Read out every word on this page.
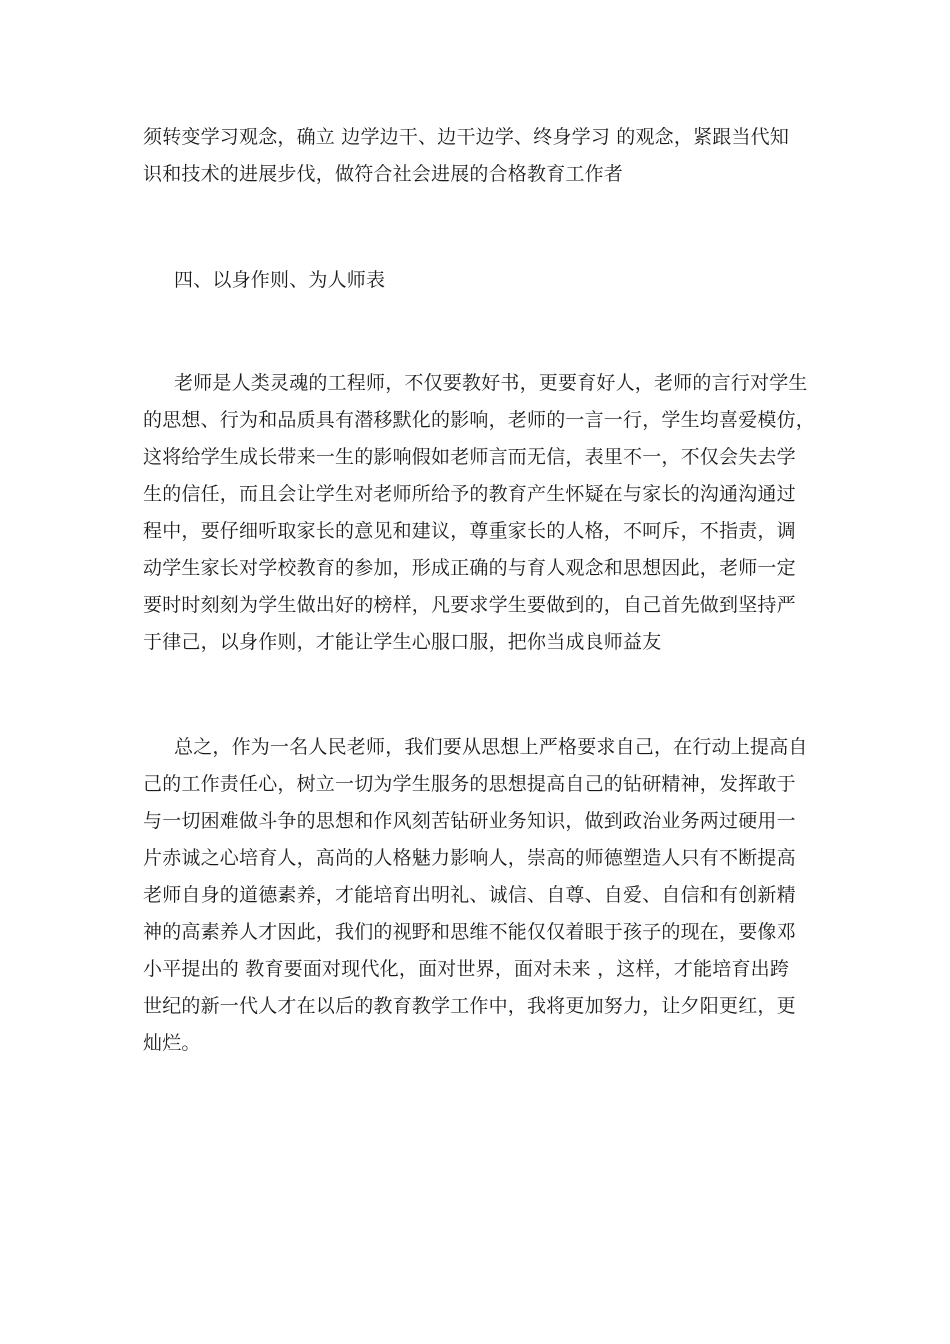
须转变学习观念，确立 边学边干、边干边学、终身学习 的观念，紧跟当代知
识和技术的进展步伐，做符合社会进展的合格教育工作者
四、以身作则、为人师表
老师是人类灵魂的工程师，不仅要教好书，更要育好人，老师的言行对学生
的思想、行为和品质具有潜移默化的影响，老师的一言一行，学生均喜爱模仿，
这将给学生成长带来一生的影响假如老师言而无信，表里不一，不仅会失去学
生的信任，而且会让学生对老师所给予的教育产生怀疑在与家长的沟通沟通过
程中，要仔细听取家长的意见和建议，尊重家长的人格，不呵斥，不指责，调
动学生家长对学校教育的参加，形成正确的与育人观念和思想因此，老师一定
要时时刻刻为学生做出好的榜样，凡要求学生要做到的，自己首先做到坚持严
于律己，以身作则，才能让学生心服口服，把你当成良师益友
总之，作为一名人民老师，我们要从思想上严格要求自己，在行动上提高自
己的工作责任心，树立一切为学生服务的思想提高自己的钻研精神，发挥敢于
与一切困难做斗争的思想和作风刻苦钻研业务知识，做到政治业务两过硬用一
片赤诚之心培育人，高尚的人格魅力影响人，崇高的师德塑造人只有不断提高
老师自身的道德素养，才能培育出明礼、诚信、自尊、自爱、自信和有创新精
神的高素养人才因此，我们的视野和思维不能仅仅着眼于孩子的现在，要像邓
小平提出的 教育要面对现代化，面对世界，面对未来 ，这样，才能培育出跨
世纪的新一代人才在以后的教育教学工作中，我将更加努力，让夕阳更红，更
灿烂。
